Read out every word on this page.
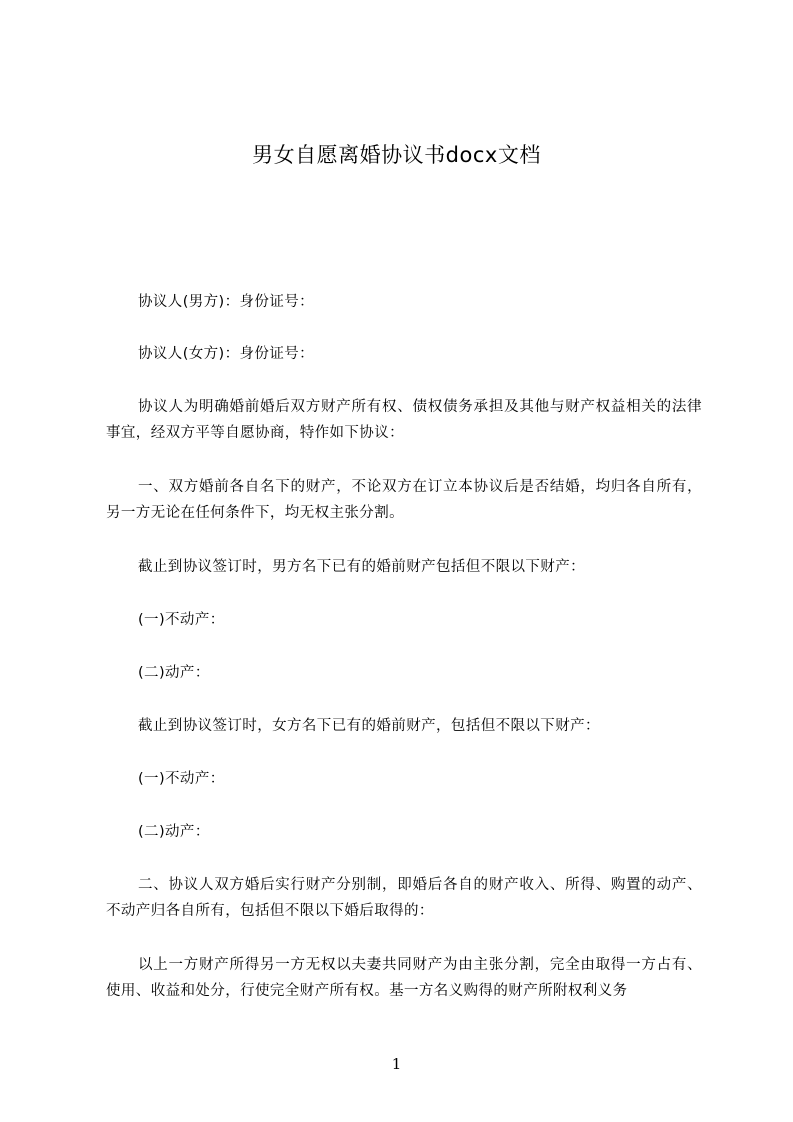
男女自愿离婚协议书docx文档
协议人(男方)：身份证号：
协议人(女方)：身份证号：
协议人为明确婚前婚后双方财产所有权、债权债务承担及其他与财产权益相关的法律事宜，经双方平等自愿协商，特作如下协议：
一、双方婚前各自名下的财产，不论双方在订立本协议后是否结婚，均归各自所有，另一方无论在任何条件下，均无权主张分割。
截止到协议签订时，男方名下已有的婚前财产包括但不限以下财产：
(一)不动产：
(二)动产：
截止到协议签订时，女方名下已有的婚前财产，包括但不限以下财产：
(一)不动产：
(二)动产：
二、协议人双方婚后实行财产分别制，即婚后各自的财产收入、所得、购置的动产、不动产归各自所有，包括但不限以下婚后取得的：
以上一方财产所得另一方无权以夫妻共同财产为由主张分割，完全由取得一方占有、使用、收益和处分，行使完全财产所有权。基一方名义购得的财产所附权利义务
1
